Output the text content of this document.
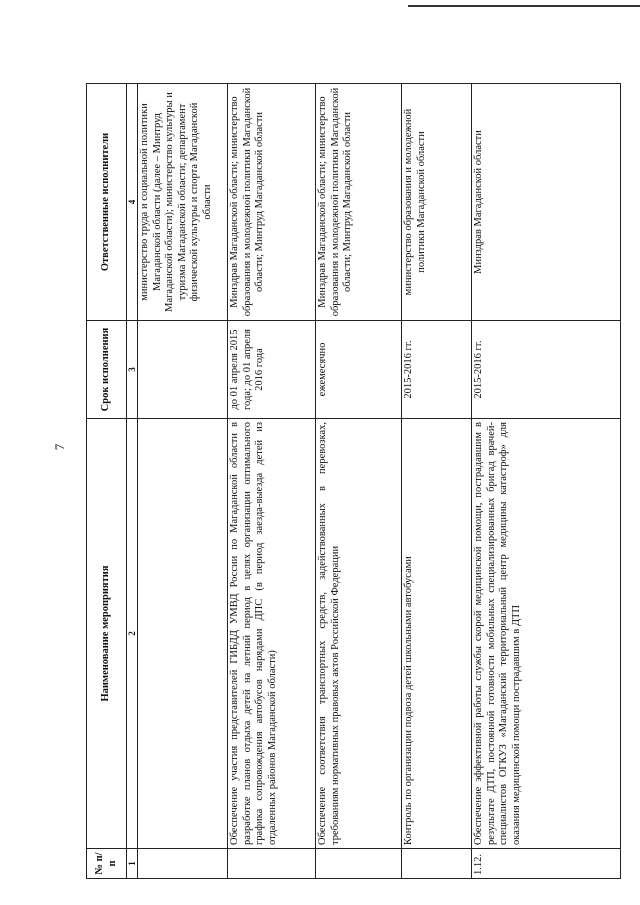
7
№ п/п	Наименование мероприятия	Срок исполнения	Ответственные исполнители
1	2	3	4
			министерство труда и социальной политики Магаданской области (далее – Минтруд Магаданской области); министерство культуры и туризма Магаданской области; департамент физической культуры и спорта Магаданской области
	Обеспечение участия представителей ГИБДД УМВД России по Магаданской области в разработке планов отдыха детей на летний период в целях организации оптимального графика сопровождения автобусов нарядами ДПС (в период заезда-выезда детей из отдаленных районов Магаданской области)	до 01 апреля 2015 года; до 01 апреля 2016 года	Минздрав Магаданской области; министерство образования и молодежной политики Магаданской области; Минтруд Магаданской области
	Обеспечение соответствия транспортных средств, задействованных в перевозках, требованиям нормативных правовых актов Российской Федерации	ежемесячно	Минздрав Магаданской области; министерство образования и молодежной политики Магаданской области; Минтруд Магаданской области
	Контроль по организации подвоза детей школьными автобусами	2015-2016 гг.	министерство образования и молодежной политики Магаданской области
1.12.	Обеспечение эффективной работы службы скорой медицинской помощи, пострадавшим в результате ДТП, постоянной готовности мобильных специализированных бригад врачей-специалистов ОГКУЗ «Магаданский территориальный центр медицины катастроф» для оказания медицинской помощи пострадавшим в ДТП	2015-2016 гг.	Минздрав Магаданской области
